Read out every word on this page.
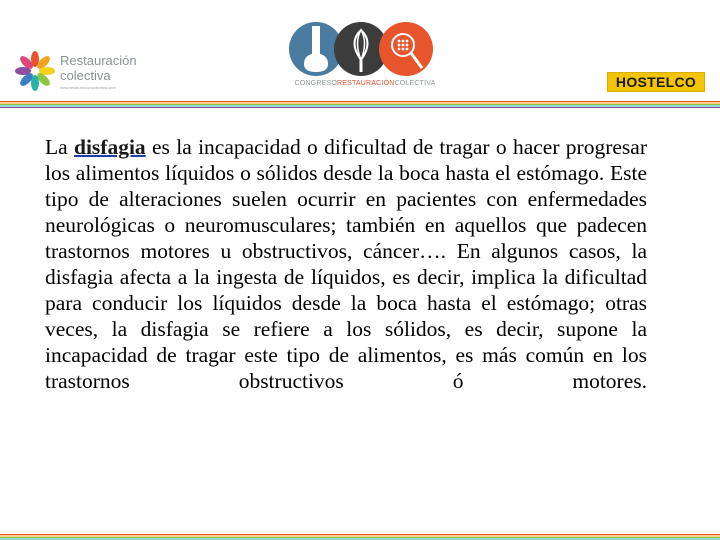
Restauración
colectiva
www.restauracioncolectiva.com
CONGRESORESTAURACIÓNCOLECTIVA	HOSTELCO

La disfagia es la incapacidad o dificultad de tragar o hacer progresar los alimentos líquidos o sólidos desde la boca hasta el estómago. Este tipo de alteraciones suelen ocurrir en pacientes con enfermedades neurológicas o neuromusculares; también en aquellos que padecen trastornos motores u obstructivos, cáncer…. En algunos casos, la disfagia afecta a la ingesta de líquidos, es decir, implica la dificultad para conducir los líquidos desde la boca hasta el estómago; otras veces, la disfagia se refiere a los sólidos, es decir, supone la incapacidad de tragar este tipo de alimentos, es más común en los trastornos obstructivos ó motores.
